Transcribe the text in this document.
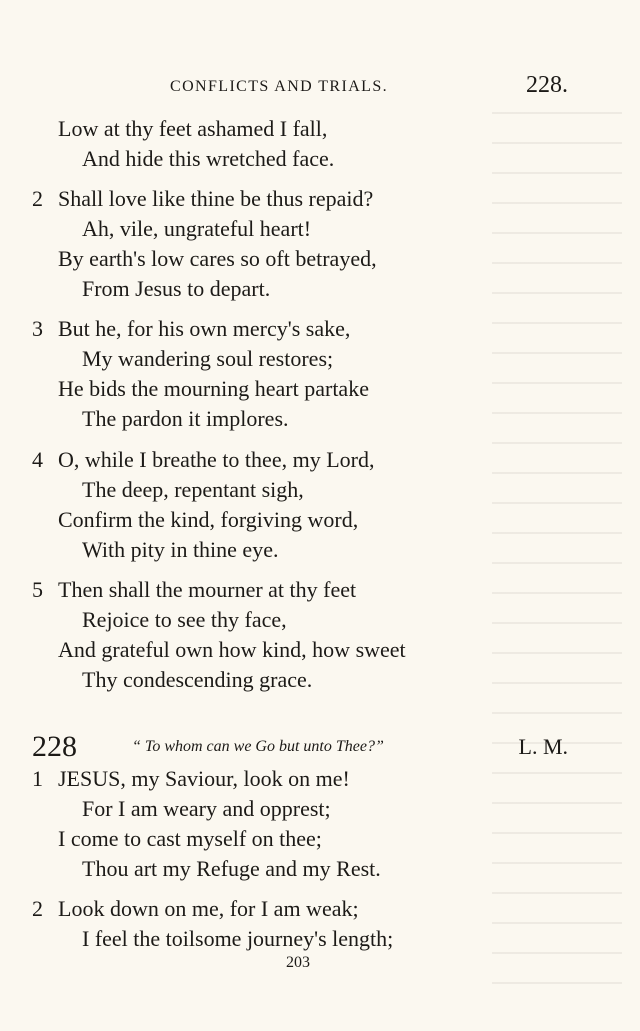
CONFLICTS AND TRIALS.	228.
Low at thy feet ashamed I fall,
And hide this wretched face.
2 Shall love like thine be thus repaid?
Ah, vile, ungrateful heart!
By earth's low cares so oft betrayed,
From Jesus to depart.
3 But he, for his own mercy's sake,
My wandering soul restores;
He bids the mourning heart partake
The pardon it implores.
4 O, while I breathe to thee, my Lord,
The deep, repentant sigh,
Confirm the kind, forgiving word,
With pity in thine eye.
5 Then shall the mourner at thy feet
Rejoice to see thy face,
And grateful own how kind, how sweet
Thy condescending grace.
228	“ To whom can we Go but unto Thee?”	L. M.
1 JESUS, my Saviour, look on me!
For I am weary and opprest;
I come to cast myself on thee;
Thou art my Refuge and my Rest.
2 Look down on me, for I am weak;
I feel the toilsome journey's length;
203
